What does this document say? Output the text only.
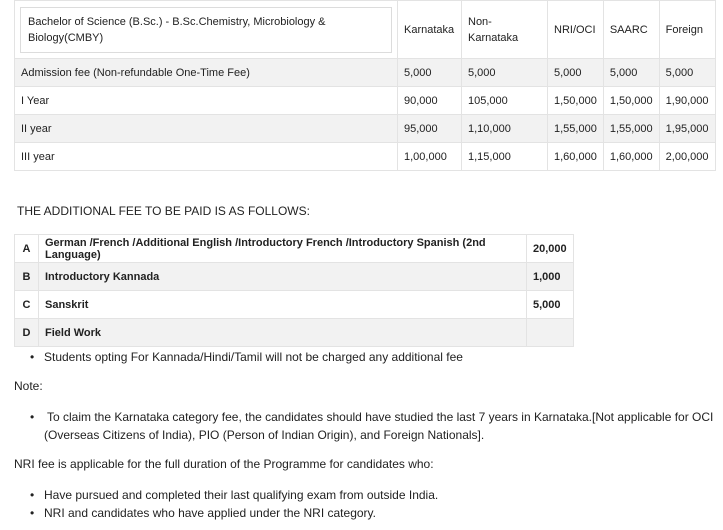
Bachelor of Science (B.Sc.) - B.Sc.Chemistry, Microbiology & Biology(CMBY)	Karnataka	Non-Karnataka	NRI/OCI	SAARC	Foreign
Admission fee (Non-refundable One-Time Fee)	5,000	5,000	5,000	5,000	5,000
I Year	90,000	105,000	1,50,000	1,50,000	1,90,000
II year	95,000	1,10,000	1,55,000	1,55,000	1,95,000
III year	1,00,000	1,15,000	1,60,000	1,60,000	2,00,000
THE ADDITIONAL FEE TO BE PAID IS AS FOLLOWS:
A	German /French /Additional English /Introductory French /Introductory Spanish (2nd Language)	20,000
B	Introductory Kannada	1,000
C	Sanskrit	5,000
D	Field Work	
• Students opting For Kannada/Hindi/Tamil will not be charged any additional fee
Note:
• To claim the Karnataka category fee, the candidates should have studied the last 7 years in Karnataka.[Not applicable for OCI
(Overseas Citizens of India), PIO (Person of Indian Origin), and Foreign Nationals].
NRI fee is applicable for the full duration of the Programme for candidates who:
• Have pursued and completed their last qualifying exam from outside India.
• NRI and candidates who have applied under the NRI category.
